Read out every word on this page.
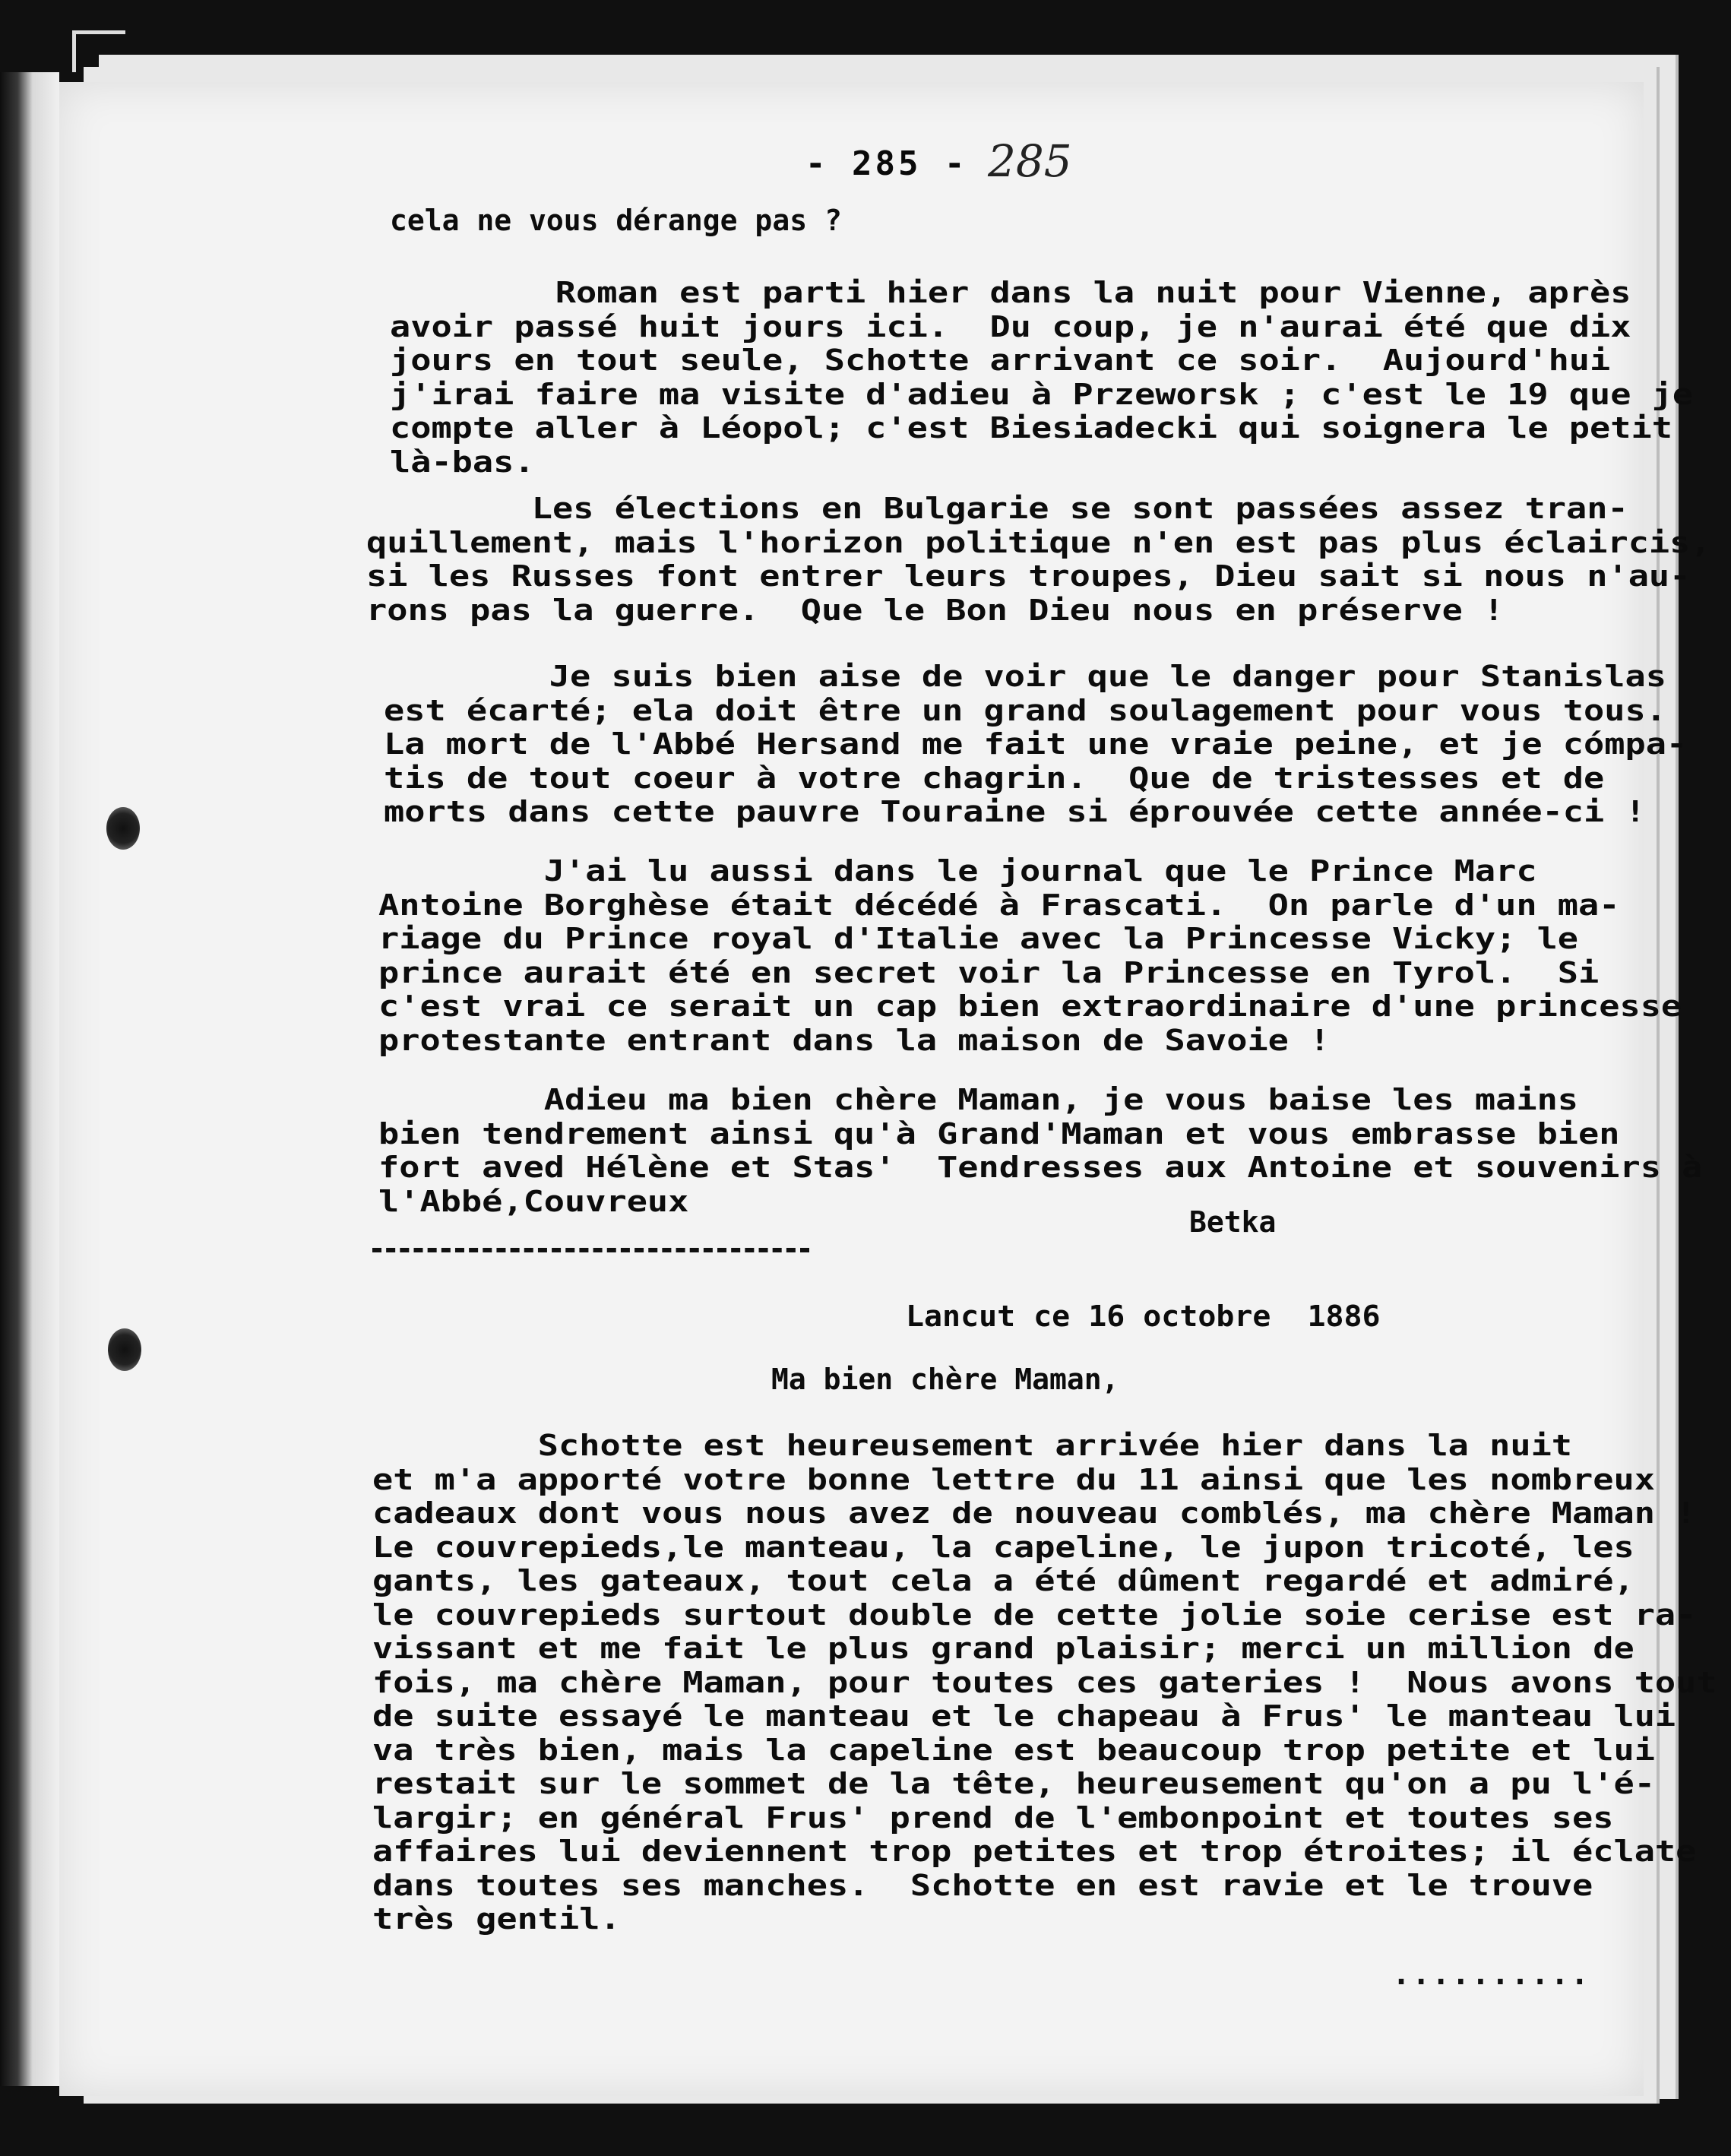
- 285 - 285
cela ne vous dérange pas ?
Roman est parti hier dans la nuit pour Vienne, après
avoir passé huit jours ici.  Du coup, je n'aurai été que dix
jours en tout seule, Schotte arrivant ce soir.  Aujourd'hui
j'irai faire ma visite d'adieu à Przeworsk ; c'est le 19 que je
compte aller à Léopol; c'est Biesiadecki qui soignera le petit
là-bas.
Les élections en Bulgarie se sont passées assez tran-
quillement, mais l'horizon politique n'en est pas plus éclaircis,
si les Russes font entrer leurs troupes, Dieu sait si nous n'au-
rons pas la guerre.  Que le Bon Dieu nous en préserve !
Je suis bien aise de voir que le danger pour Stanislas
est écarté; ela doit être un grand soulagement pour vous tous.
La mort de l'Abbé Hersand me fait une vraie peine, et je cómpa-
tis de tout coeur à votre chagrin.  Que de tristesses et de
morts dans cette pauvre Touraine si éprouvée cette année-ci !
J'ai lu aussi dans le journal que le Prince Marc
Antoine Borghèse était décédé à Frascati.  On parle d'un ma-
riage du Prince royal d'Italie avec la Princesse Vicky; le
prince aurait été en secret voir la Princesse en Tyrol.  Si
c'est vrai ce serait un cap bien extraordinaire d'une princesse
protestante entrant dans la maison de Savoie !
Adieu ma bien chère Maman, je vous baise les mains
bien tendrement ainsi qu'à Grand'Maman et vous embrasse bien
fort aved Hélène et Stas'  Tendresses aux Antoine et souvenirs à
l'Abbé,Couvreux
Betka
Lancut ce 16 octobre  1886
Ma bien chère Maman,
Schotte est heureusement arrivée hier dans la nuit
et m'a apporté votre bonne lettre du 11 ainsi que les nombreux
cadeaux dont vous nous avez de nouveau comblés, ma chère Maman !
Le couvrepieds,le manteau, la capeline, le jupon tricoté, les
gants, les gateaux, tout cela a été dûment regardé et admiré,
le couvrepieds surtout double de cette jolie soie cerise est ra-
vissant et me fait le plus grand plaisir; merci un million de
fois, ma chère Maman, pour toutes ces gateries !  Nous avons tout
de suite essayé le manteau et le chapeau à Frus' le manteau lui
va très bien, mais la capeline est beaucoup trop petite et lui
restait sur le sommet de la tête, heureusement qu'on a pu l'é-
largir; en général Frus' prend de l'embonpoint et toutes ses
affaires lui deviennent trop petites et trop étroites; il éclate
dans toutes ses manches.  Schotte en est ravie et le trouve
très gentil.
..........
